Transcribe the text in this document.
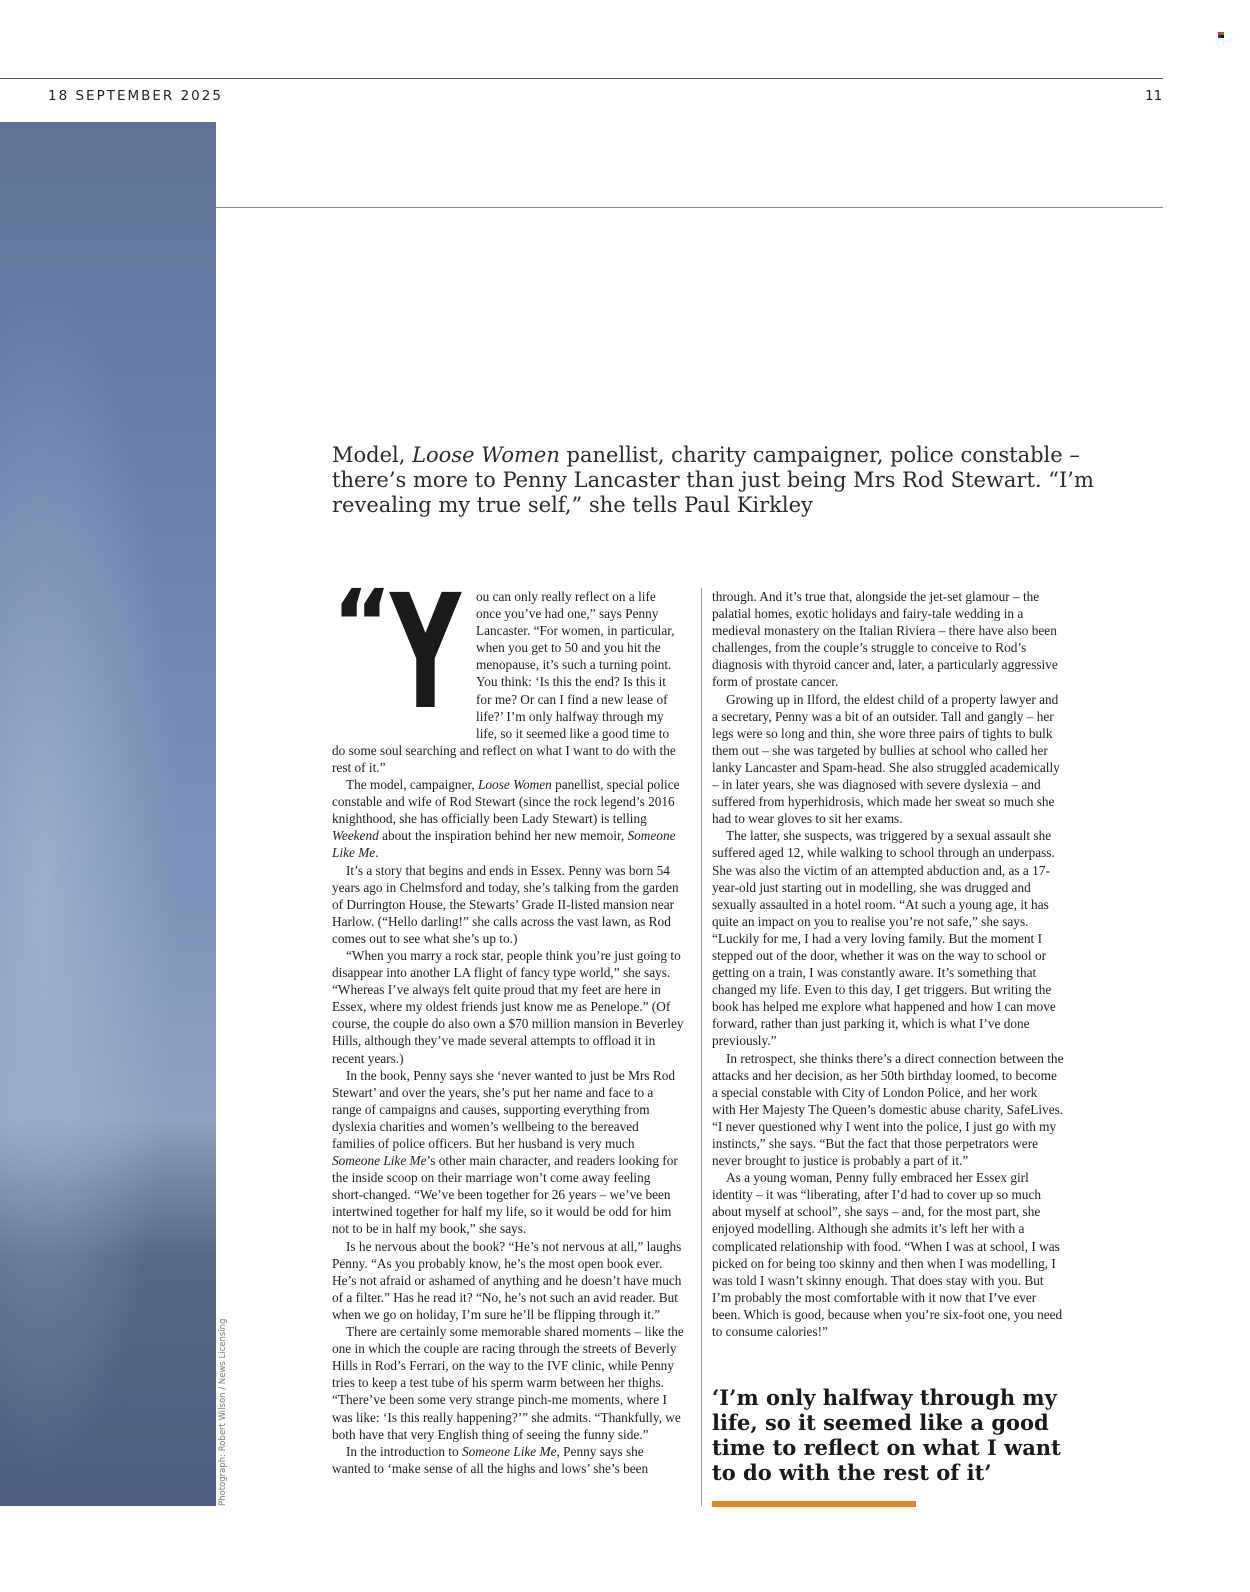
18 SEPTEMBER 2025	11
Photograph: Robert Wilson / News Licensing

Model, Loose Women panellist, charity campaigner, police constable – there’s more to Penny Lancaster than just being Mrs Rod Stewart. “I’m revealing my true self,” she tells Paul Kirkley

“
Y	ou can only really reflect on a life once you’ve had one,” says Penny Lancaster. “For women, in particular, when you get to 50 and you hit the menopause, it’s such a turning point. You think: ‘Is this the end? Is this it for me? Or can I find a new lease of life?’ I’m only halfway through my life, so it seemed like a good time to do some soul searching and reflect on what I want to do with the rest of it.”

The model, campaigner, Loose Women panellist, special police constable and wife of Rod Stewart (since the rock legend’s 2016 knighthood, she has officially been Lady Stewart) is telling Weekend about the inspiration behind her new memoir, Someone Like Me.

It’s a story that begins and ends in Essex. Penny was born 54 years ago in Chelmsford and today, she’s talking from the garden of Durrington House, the Stewarts’ Grade II-listed mansion near Harlow. (“Hello darling!” she calls across the vast lawn, as Rod comes out to see what she’s up to.)

“When you marry a rock star, people think you’re just going to disappear into another LA flight of fancy type world,” she says. “Whereas I’ve always felt quite proud that my feet are here in Essex, where my oldest friends just know me as Penelope.” (Of course, the couple do also own a $70 million mansion in Beverley Hills, although they’ve made several attempts to offload it in recent years.)

In the book, Penny says she ‘never wanted to just be Mrs Rod Stewart’ and over the years, she’s put her name and face to a range of campaigns and causes, supporting everything from dyslexia charities and women’s wellbeing to the bereaved families of police officers. But her husband is very much Someone Like Me’s other main character, and readers looking for the inside scoop on their marriage won’t come away feeling short-changed. “We’ve been together for 26 years – we’ve been intertwined together for half my life, so it would be odd for him not to be in half my book,” she says.

Is he nervous about the book? “He’s not nervous at all,” laughs Penny. “As you probably know, he’s the most open book ever. He’s not afraid or ashamed of anything and he doesn’t have much of a filter.” Has he read it? “No, he’s not such an avid reader. But when we go on holiday, I’m sure he’ll be flipping through it.”

There are certainly some memorable shared moments – like the one in which the couple are racing through the streets of Beverly Hills in Rod’s Ferrari, on the way to the IVF clinic, while Penny tries to keep a test tube of his sperm warm between her thighs. “There’ve been some very strange pinch-me moments, where I was like: ‘Is this really happening?’” she admits. “Thankfully, we both have that very English thing of seeing the funny side.”

In the introduction to Someone Like Me, Penny says she wanted to ‘make sense of all the highs and lows’ she’s been

through. And it’s true that, alongside the jet-set glamour – the palatial homes, exotic holidays and fairy-tale wedding in a medieval monastery on the Italian Riviera – there have also been challenges, from the couple’s struggle to conceive to Rod’s diagnosis with thyroid cancer and, later, a particularly aggressive form of prostate cancer.

Growing up in Ilford, the eldest child of a property lawyer and a secretary, Penny was a bit of an outsider. Tall and gangly – her legs were so long and thin, she wore three pairs of tights to bulk them out – she was targeted by bullies at school who called her lanky Lancaster and Spam-head. She also struggled academically – in later years, she was diagnosed with severe dyslexia – and suffered from hyperhidrosis, which made her sweat so much she had to wear gloves to sit her exams.

The latter, she suspects, was triggered by a sexual assault she suffered aged 12, while walking to school through an underpass. She was also the victim of an attempted abduction and, as a 17-year-old just starting out in modelling, she was drugged and sexually assaulted in a hotel room. “At such a young age, it has quite an impact on you to realise you’re not safe,” she says. “Luckily for me, I had a very loving family. But the moment I stepped out of the door, whether it was on the way to school or getting on a train, I was constantly aware. It’s something that changed my life. Even to this day, I get triggers. But writing the book has helped me explore what happened and how I can move forward, rather than just parking it, which is what I’ve done previously.”

In retrospect, she thinks there’s a direct connection between the attacks and her decision, as her 50th birthday loomed, to become a special constable with City of London Police, and her work with Her Majesty The Queen’s domestic abuse charity, SafeLives. “I never questioned why I went into the police, I just go with my instincts,” she says. “But the fact that those perpetrators were never brought to justice is probably a part of it.”

As a young woman, Penny fully embraced her Essex girl identity – it was “liberating, after I’d had to cover up so much about myself at school”, she says – and, for the most part, she enjoyed modelling. Although she admits it’s left her with a complicated relationship with food. “When I was at school, I was picked on for being too skinny and then when I was modelling, I was told I wasn’t skinny enough. That does stay with you. But I’m probably the most comfortable with it now that I’ve ever been. Which is good, because when you’re six-foot one, you need to consume calories!”

‘I’m only halfway through my life, so it seemed like a good time to reflect on what I want to do with the rest of it’
